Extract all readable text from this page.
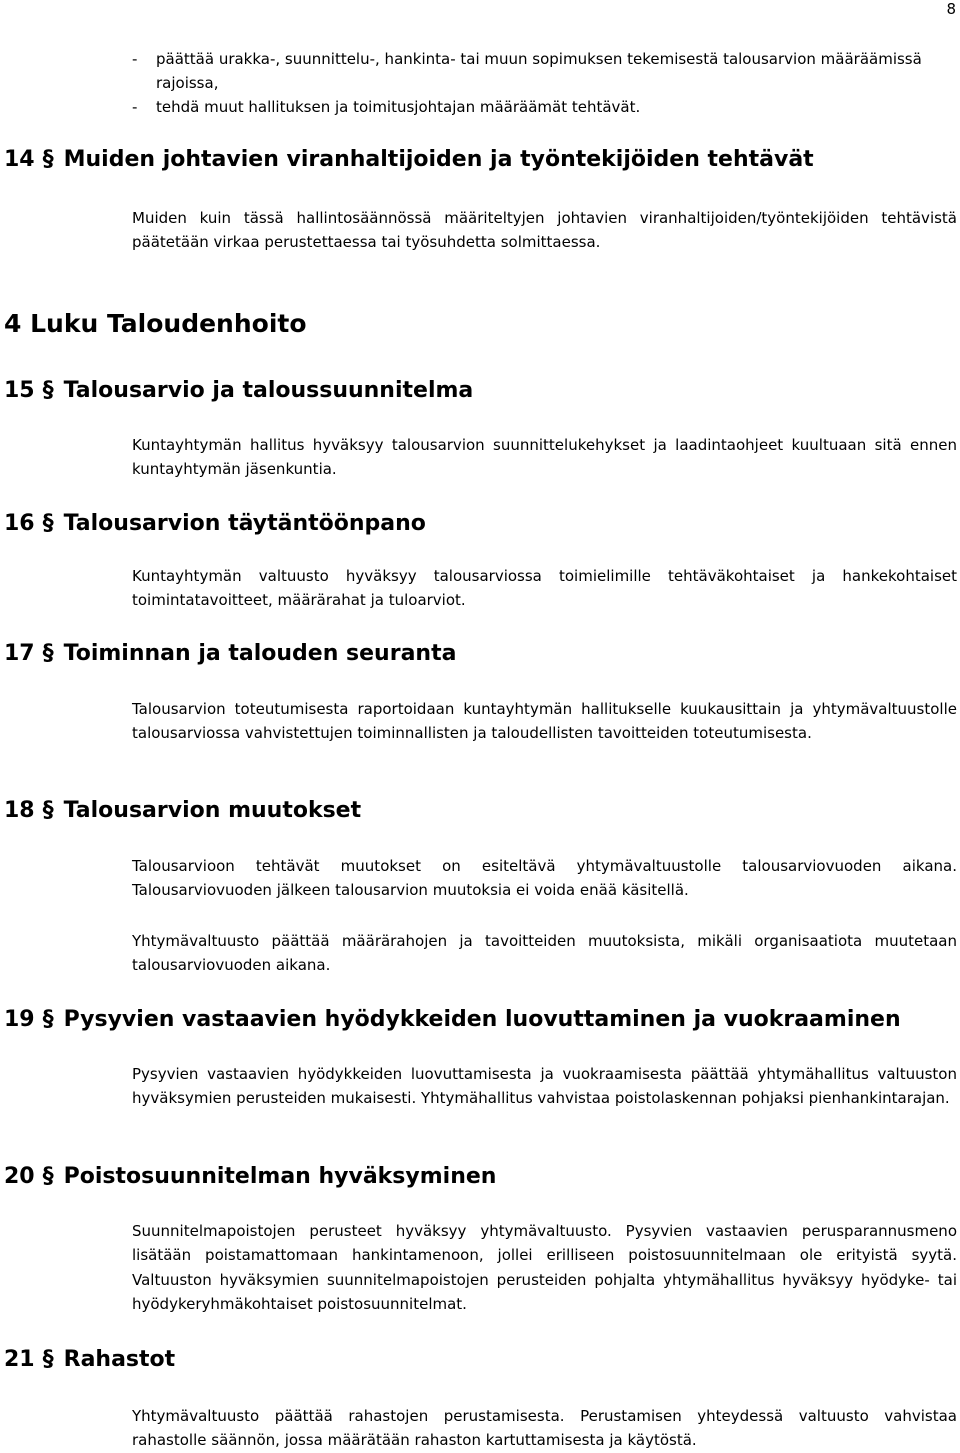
8
- päättää urakka-, suunnittelu-, hankinta- tai muun sopimuksen tekemisestä talousarvion määräämissä rajoissa,
- tehdä muut hallituksen ja toimitusjohtajan määräämät tehtävät.
14 § Muiden johtavien viranhaltijoiden ja työntekijöiden tehtävät

Muiden kuin tässä hallintosäännössä määriteltyjen johtavien viranhaltijoiden/työntekijöiden tehtävistä päätetään virkaa perustettaessa tai työsuhdetta solmittaessa.

4 Luku Taloudenhoito
15 § Talousarvio ja taloussuunnitelma

Kuntayhtymän hallitus hyväksyy talousarvion suunnittelukehykset ja laadintaohjeet kuultuaan sitä ennen kuntayhtymän jäsenkuntia.

16 § Talousarvion täytäntöönpano

Kuntayhtymän valtuusto hyväksyy talousarviossa toimielimille tehtäväkohtaiset ja hankekohtaiset toimintatavoitteet, määrärahat ja tuloarviot.

17 § Toiminnan ja talouden seuranta

Talousarvion toteutumisesta raportoidaan kuntayhtymän hallitukselle kuukausittain ja yhtymävaltuustolle talousarviossa vahvistettujen toiminnallisten ja taloudellisten tavoitteiden toteutumisesta.

18 § Talousarvion muutokset

Talousarvioon tehtävät muutokset on esiteltävä yhtymävaltuustolle talousarviovuoden aikana. Talousarviovuoden jälkeen talousarvion muutoksia ei voida enää käsitellä.

Yhtymävaltuusto päättää määrärahojen ja tavoitteiden muutoksista, mikäli organisaatiota muutetaan talousarviovuoden aikana.

19 § Pysyvien vastaavien hyödykkeiden luovuttaminen ja vuokraaminen

Pysyvien vastaavien hyödykkeiden luovuttamisesta ja vuokraamisesta päättää yhtymähallitus valtuuston hyväksymien perusteiden mukaisesti. Yhtymähallitus vahvistaa poistolaskennan pohjaksi pienhankintarajan.

20 § Poistosuunnitelman hyväksyminen

Suunnitelmapoistojen perusteet hyväksyy yhtymävaltuusto. Pysyvien vastaavien perusparannusmeno lisätään poistamattomaan hankintamenoon, jollei erilliseen poistosuunnitelmaan ole erityistä syytä. Valtuuston hyväksymien suunnitelmapoistojen perusteiden pohjalta yhtymähallitus hyväksyy hyödyke- tai hyödykeryhmäkohtaiset poistosuunnitelmat.

21 § Rahastot

Yhtymävaltuusto päättää rahastojen perustamisesta. Perustamisen yhteydessä valtuusto vahvistaa rahastolle säännön, jossa määrätään rahaston kartuttamisesta ja käytöstä.
